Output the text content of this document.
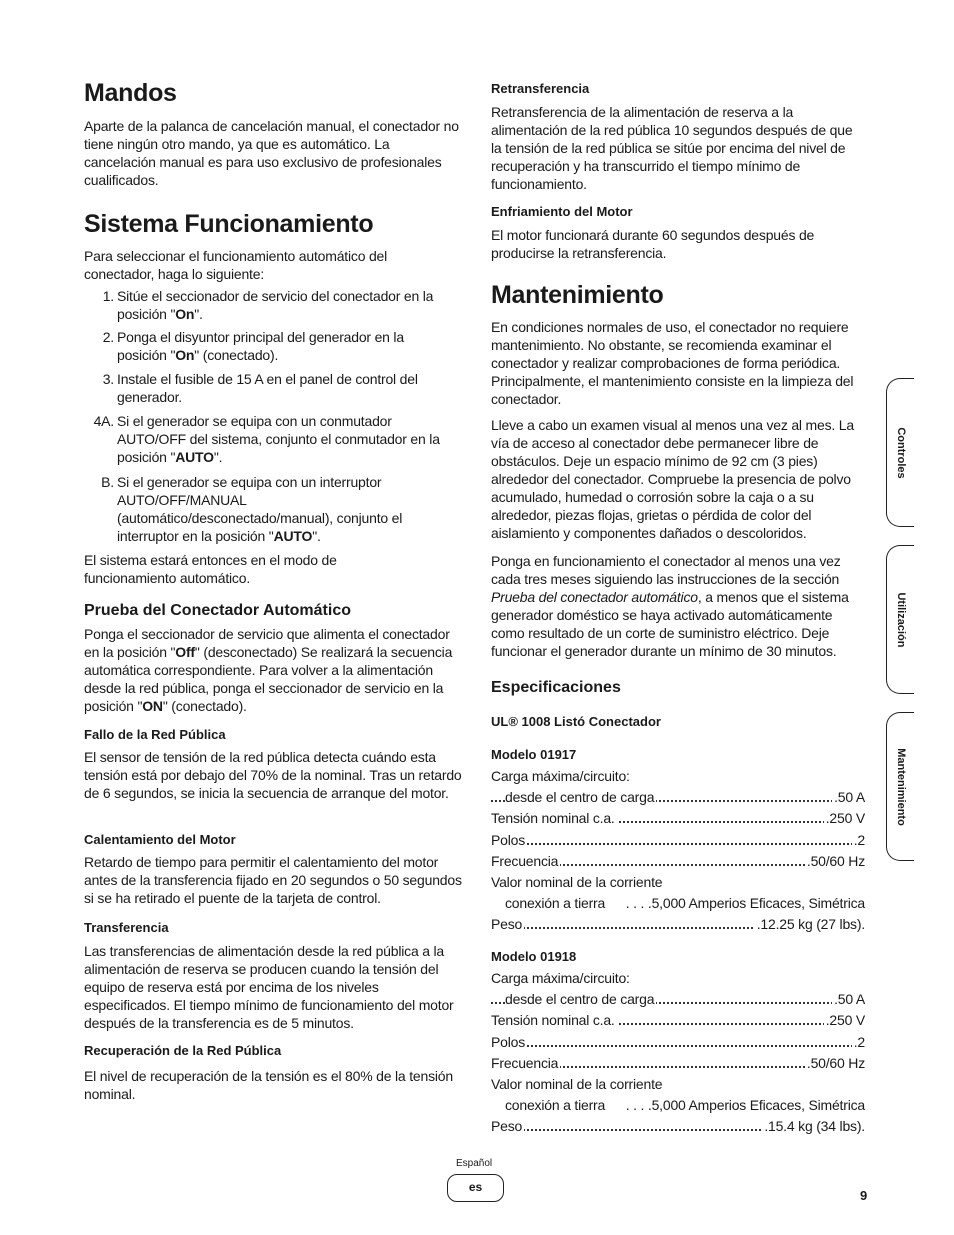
Mandos

Aparte de la palanca de cancelación manual, el conectador no tiene ningún otro mando, ya que es automático. La cancelación manual es para uso exclusivo de profesionales cualificados.

Sistema Funcionamiento

Para seleccionar el funcionamiento automático del conectador, haga lo siguiente:

1. Sitúe el seccionador de servicio del conectador en la posición "On".
2. Ponga el disyuntor principal del generador en la posición "On" (conectado).
3. Instale el fusible de 15 A en el panel de control del generador.
4A. Si el generador se equipa con un conmutador AUTO/OFF del sistema, conjunto el conmutador en la posición "AUTO".
B. Si el generador se equipa con un interruptor AUTO/OFF/MANUAL (automático/desconectado/manual), conjunto el interruptor en la posición "AUTO".

El sistema estará entonces en el modo de funcionamiento automático.

Prueba del Conectador Automático

Ponga el seccionador de servicio que alimenta el conectador en la posición "Off" (desconectado) Se realizará la secuencia automática correspondiente. Para volver a la alimentación desde la red pública, ponga el seccionador de servicio en la posición "ON" (conectado).

Fallo de la Red Pública

El sensor de tensión de la red pública detecta cuándo esta tensión está por debajo del 70% de la nominal. Tras un retardo de 6 segundos, se inicia la secuencia de arranque del motor.

Calentamiento del Motor

Retardo de tiempo para permitir el calentamiento del motor antes de la transferencia fijado en 20 segundos o 50 segundos si se ha retirado el puente de la tarjeta de control.

Transferencia

Las transferencias de alimentación desde la red pública a la alimentación de reserva se producen cuando la tensión del equipo de reserva está por encima de los niveles especificados. El tiempo mínimo de funcionamiento del motor después de la transferencia es de 5 minutos.

Recuperación de la Red Pública

El nivel de recuperación de la tensión es el 80% de la tensión nominal.

Retransferencia

Retransferencia de la alimentación de reserva a la alimentación de la red pública 10 segundos después de que la tensión de la red pública se sitúe por encima del nivel de recuperación y ha transcurrido el tiempo mínimo de funcionamiento.

Enfriamiento del Motor

El motor funcionará durante 60 segundos después de producirse la retransferencia.

Mantenimiento

En condiciones normales de uso, el conectador no requiere mantenimiento. No obstante, se recomienda examinar el conectador y realizar comprobaciones de forma periódica. Principalmente, el mantenimiento consiste en la limpieza del conectador.

Lleve a cabo un examen visual al menos una vez al mes. La vía de acceso al conectador debe permanecer libre de obstáculos. Deje un espacio mínimo de 92 cm (3 pies) alrededor del conectador. Compruebe la presencia de polvo acumulado, humedad o corrosión sobre la caja o a su alrededor, piezas flojas, grietas o pérdida de color del aislamiento y componentes dañados o descoloridos.

Ponga en funcionamiento el conectador al menos una vez cada tres meses siguiendo las instrucciones de la sección Prueba del conectador automático, a menos que el sistema generador doméstico se haya activado automáticamente como resultado de un corte de suministro eléctrico. Deje funcionar el generador durante un mínimo de 30 minutos.

Especificaciones
UL® 1008 Listó Conectador
Modelo 01917
Carga máxima/circuito:
desde el centro de carga	.50 A
Tensión nominal c.a.	.250 V
Polos	.2
Frecuencia	.50/60 Hz
Valor nominal de la corriente
conexión a tierra . . . .5,000 Amperios Eficaces, Simétrica
Peso	.12.25 kg (27 lbs).
Modelo 01918
Carga máxima/circuito:
desde el centro de carga	.50 A
Tensión nominal c.a.	.250 V
Polos	.2
Frecuencia	.50/60 Hz
Valor nominal de la corriente
conexión a tierra . . . .5,000 Amperios Eficaces, Simétrica
Peso	.15.4 kg (34 lbs).
Controles
Utilización
Mantenimiento
Español
es
9
